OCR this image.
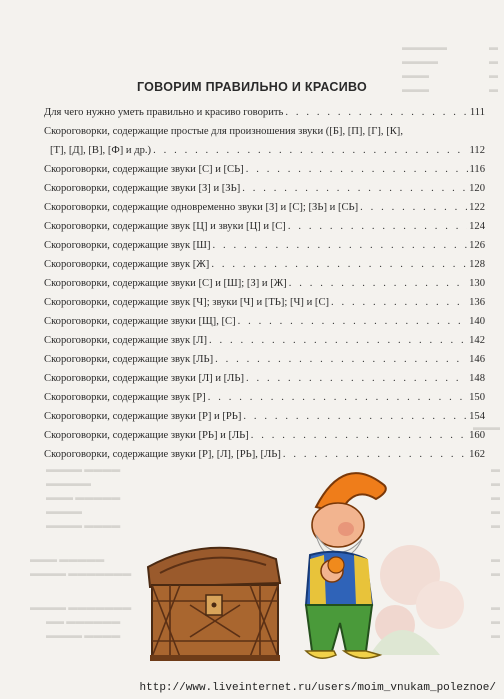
▬▬▬▬▬	▬
▬▬▬▬	▬
▬▬▬	▬
▬▬▬	▬
ГОВОРИМ ПРАВИЛЬНО И КРАСИВО
Для чего нужно уметь правильно и красиво говорить . . .	111
Скороговорки, содержащие простые для произношения звуки ([Б], [П], [Г], [К],
[Т], [Д], [В], [Ф] и др.) . . .	112
Скороговорки, содержащие звуки [С] и [СЬ] . . .	116
Скороговорки, содержащие звуки [З] и [ЗЬ] . . .	120
Скороговорки, содержащие одновременно звуки [З] и [С]; [ЗЬ] и [СЬ] . . .	122
Скороговорки, содержащие звук [Ц] и звуки [Ц] и [С] . . .	124
Скороговорки, содержащие звук [Ш] . . .	126
Скороговорки, содержащие звук [Ж] . . .	128
Скороговорки, содержащие звуки [С] и [Ш]; [З] и [Ж] . . .	130
Скороговорки, содержащие звук [Ч]; звуки [Ч] и [ТЬ]; [Ч] и [С] . . .	136
Скороговорки, содержащие звуки [Щ], [С] . . .	140
Скороговорки, содержащие звук [Л] . . .	142
Скороговорки, содержащие звук [ЛЬ] . . .	146
Скороговорки, содержащие звуки [Л] и [ЛЬ] . . .	148
Скороговорки, содержащие звук [Р] . . .	150
Скороговорки, содержащие звуки [Р] и [РЬ] . . .	154
Скороговорки, содержащие звуки [РЬ] и [ЛЬ] . . .	160
Скороговорки, содержащие звуки [Р], [Л], [РЬ], [ЛЬ] . . .	162
▬▬▬
▬▬▬▬ ▬▬▬▬	▬
▬▬▬▬▬	▬
▬▬▬ ▬▬▬▬▬	▬
▬▬▬▬	▬
▬▬▬▬ ▬▬▬▬	▬
▬▬▬ ▬▬▬▬▬	▬
▬▬▬▬ ▬▬▬▬▬▬▬	▬
▬▬▬▬ ▬▬▬▬▬▬▬	▬
▬▬ ▬▬▬▬▬▬	▬
▬▬▬▬ ▬▬▬▬	▬
http://www.liveinternet.ru/users/moim_vnukam_poleznoe/
